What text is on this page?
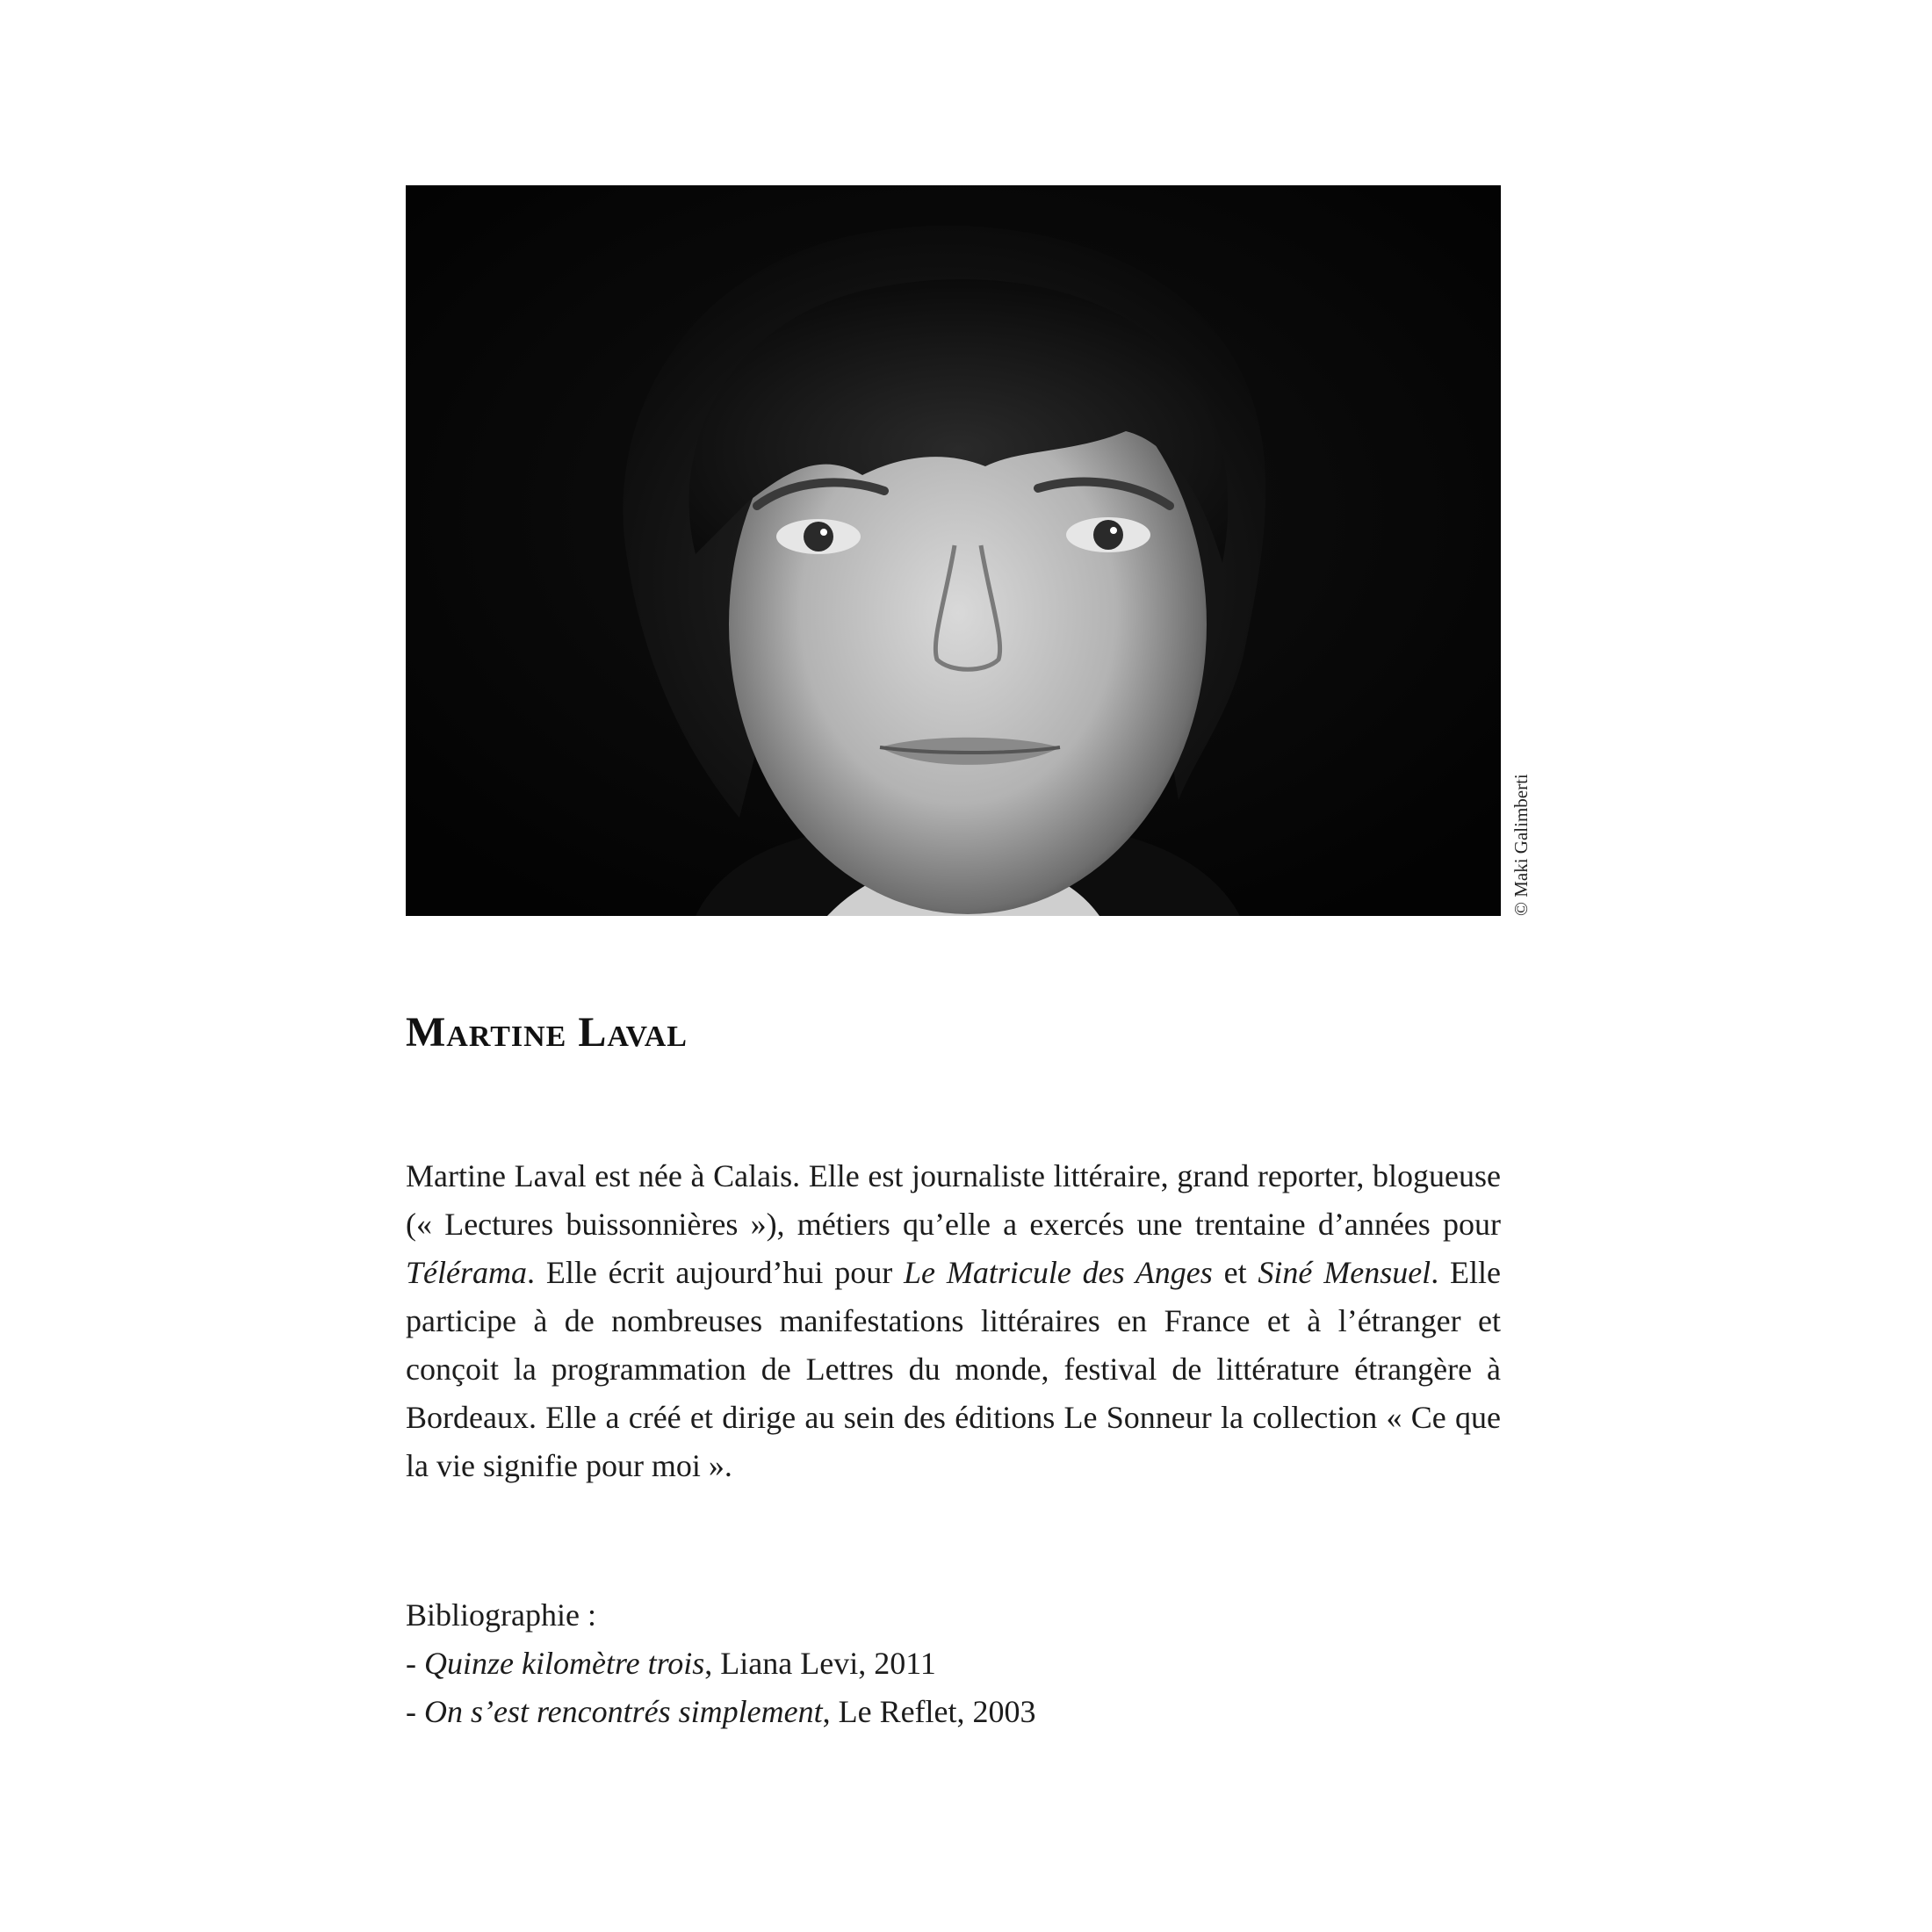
© Maki Galimberti
Martine Laval

Martine Laval est née à Calais. Elle est journaliste littéraire, grand reporter, blogueuse (« Lectures buissonnières »), métiers qu’elle a exercés une trentaine d’années pour Télérama. Elle écrit aujourd’hui pour Le Matricule des Anges et Siné Mensuel. Elle participe à de nombreuses manifestations littéraires en France et à l’étranger et conçoit la programmation de Lettres du monde, festival de littérature étrangère à Bordeaux. Elle a créé et dirige au sein des éditions Le Sonneur la collection « Ce que la vie signifie pour moi ».

Bibliographie :
- Quinze kilomètre trois, Liana Levi, 2011
- On s’est rencontrés simplement, Le Reflet, 2003
